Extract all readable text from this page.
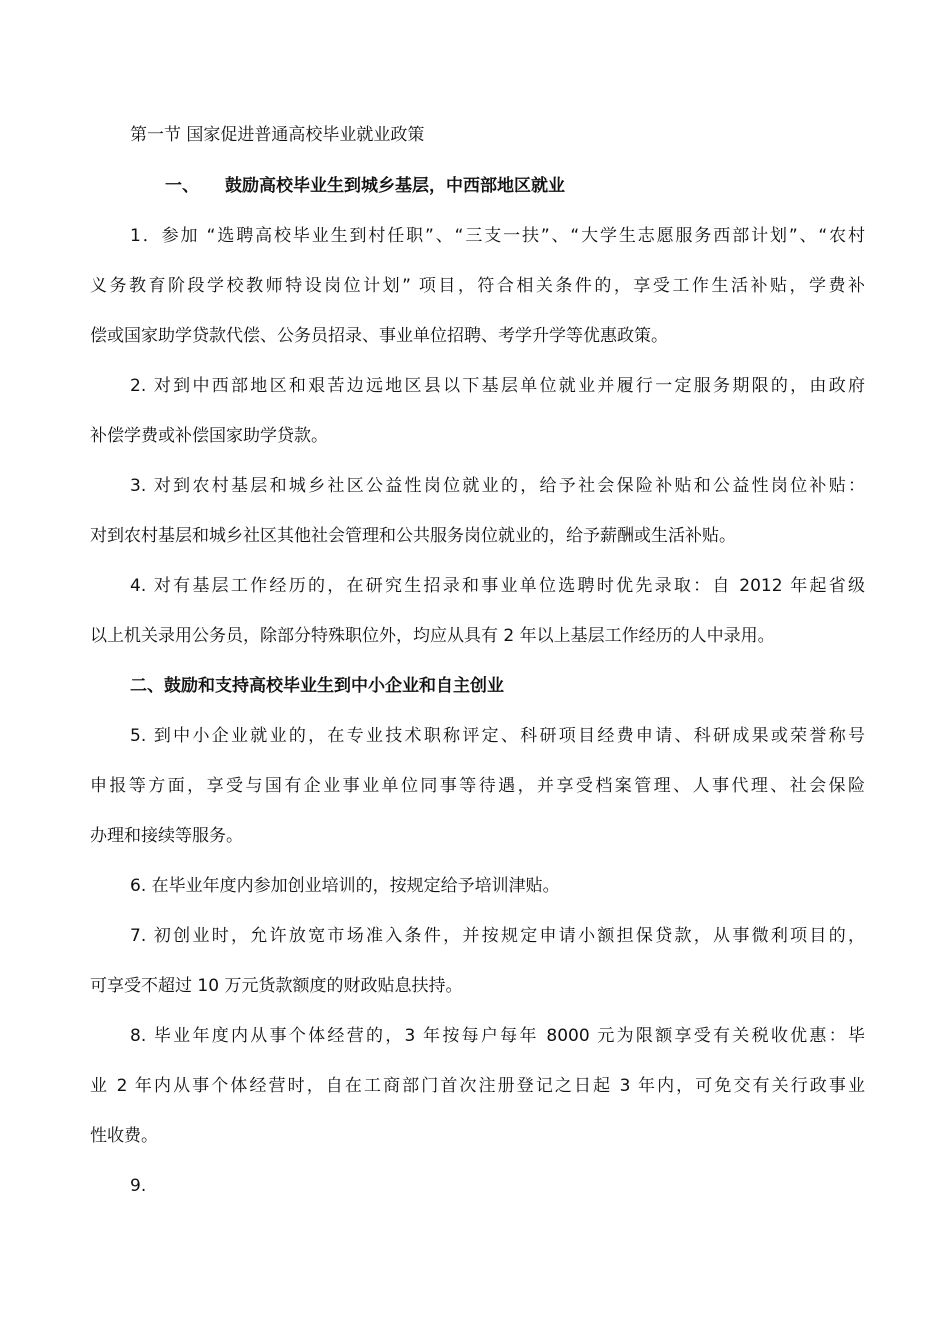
第一节 国家促进普通高校毕业就业政策
一、 鼓励高校毕业生到城乡基层，中西部地区就业
1．参加 “选聘高校毕业生到村任职”、“三支一扶”、“大学生志愿服务西部计划”、“农村
义务教育阶段学校教师特设岗位计划” 项目，符合相关条件的，享受工作生活补贴，学费补
偿或国家助学贷款代偿、公务员招录、事业单位招聘、考学升学等优惠政策。
2. 对到中西部地区和艰苦边远地区县以下基层单位就业并履行一定服务期限的，由政府
补偿学费或补偿国家助学贷款。
3. 对到农村基层和城乡社区公益性岗位就业的，给予社会保险补贴和公益性岗位补贴：
对到农村基层和城乡社区其他社会管理和公共服务岗位就业的，给予薪酬或生活补贴。
4. 对有基层工作经历的，在研究生招录和事业单位选聘时优先录取：自 2012 年起省级
以上机关录用公务员，除部分特殊职位外，均应从具有 2 年以上基层工作经历的人中录用。
二、鼓励和支持高校毕业生到中小企业和自主创业
5. 到中小企业就业的，在专业技术职称评定、科研项目经费申请、科研成果或荣誉称号
申报等方面，享受与国有企业事业单位同事等待遇，并享受档案管理、人事代理、社会保险
办理和接续等服务。
6. 在毕业年度内参加创业培训的，按规定给予培训津贴。
7. 初创业时，允许放宽市场准入条件，并按规定申请小额担保贷款，从事微利项目的，
可享受不超过 10 万元货款额度的财政贴息扶持。
8. 毕业年度内从事个体经营的，3 年按每户每年 8000 元为限额享受有关税收优惠：毕
业 2 年内从事个体经营时，自在工商部门首次注册登记之日起 3 年内，可免交有关行政事业
性收费。
9.
